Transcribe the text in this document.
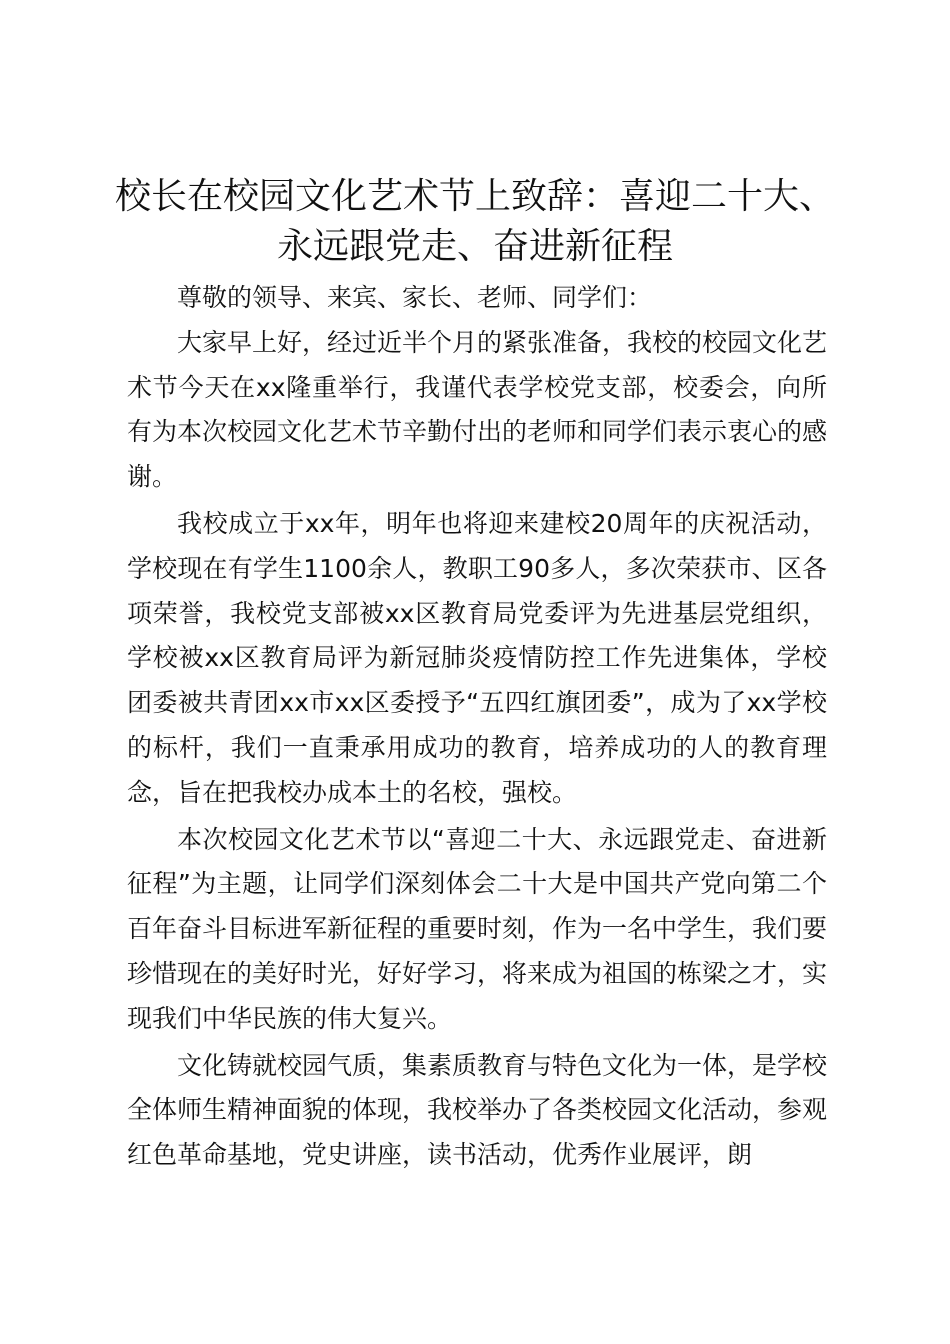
校长在校园文化艺术节上致辞：喜迎二十大、
永远跟党走、奋进新征程

尊敬的领导、来宾、家长、老师、同学们：

大家早上好，经过近半个月的紧张准备，我校的校园文化艺术节今天在xx隆重举行，我谨代表学校党支部，校委会，向所有为本次校园文化艺术节辛勤付出的老师和同学们表示衷心的感谢。

我校成立于xx年，明年也将迎来建校20周年的庆祝活动，学校现在有学生1100余人，教职工90多人，多次荣获市、区各项荣誉，我校党支部被xx区教育局党委评为先进基层党组织，学校被xx区教育局评为新冠肺炎疫情防控工作先进集体，学校团委被共青团xx市xx区委授予“五四红旗团委”，成为了xx学校的标杆，我们一直秉承用成功的教育，培养成功的人的教育理念，旨在把我校办成本土的名校，强校。

本次校园文化艺术节以“喜迎二十大、永远跟党走、奋进新征程”为主题，让同学们深刻体会二十大是中国共产党向第二个百年奋斗目标进军新征程的重要时刻，作为一名中学生，我们要珍惜现在的美好时光，好好学习，将来成为祖国的栋梁之才，实现我们中华民族的伟大复兴。

文化铸就校园气质，集素质教育与特色文化为一体，是学校全体师生精神面貌的体现，我校举办了各类校园文化活动，参观红色革命基地，党史讲座，读书活动，优秀作业展评，朗
